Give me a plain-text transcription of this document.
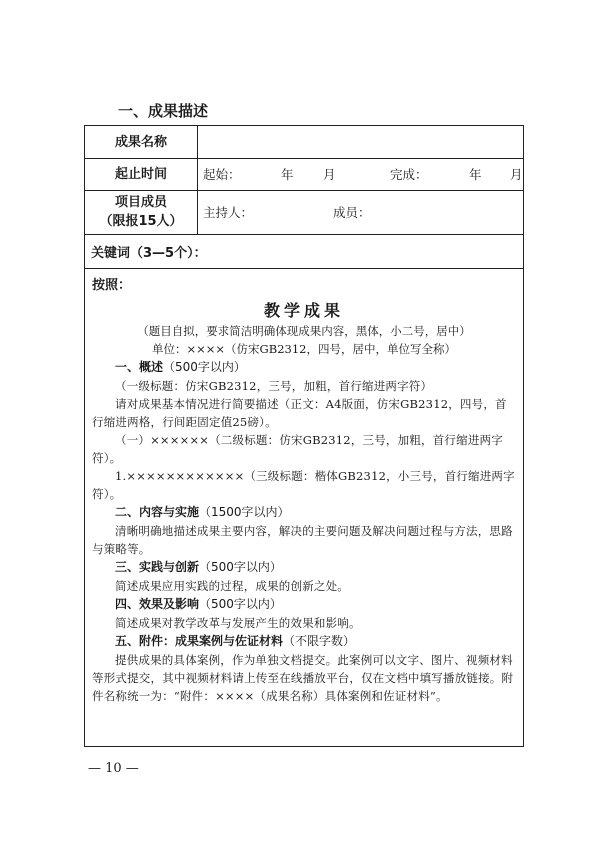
一、成果描述
成果名称
起止时间	起始：	年 月	完成：	年 月
项目成员
（限报15人）
主持人：	成员：
关键词（3—5个）：
按照：
教学成果
（题目自拟，要求简洁明确体现成果内容，黑体，小二号，居中）
单位：××××（仿宋GB2312，四号，居中，单位写全称）
一、概述（500字以内）
（一级标题：仿宋GB2312，三号，加粗，首行缩进两字符）
请对成果基本情况进行简要描述（正文：A4版面，仿宋GB2312，四号，首行缩进两格，行间距固定值25磅）。
（一）××××××（二级标题：仿宋GB2312，三号，加粗，首行缩进两字符）。
1.××××××××××××（三级标题：楷体GB2312，小三号，首行缩进两字符）。
二、内容与实施（1500字以内）
清晰明确地描述成果主要内容，解决的主要问题及解决问题过程与方法，思路与策略等。
三、实践与创新（500字以内）
简述成果应用实践的过程，成果的创新之处。
四、效果及影响（500字以内）
简述成果对教学改革与发展产生的效果和影响。
五、附件：成果案例与佐证材料（不限字数）
提供成果的具体案例，作为单独文档提交。此案例可以文字、图片、视频材料等形式提交，其中视频材料请上传至在线播放平台，仅在文档中填写播放链接。附件名称统一为：“附件：××××（成果名称）具体案例和佐证材料”。
— 10 —
